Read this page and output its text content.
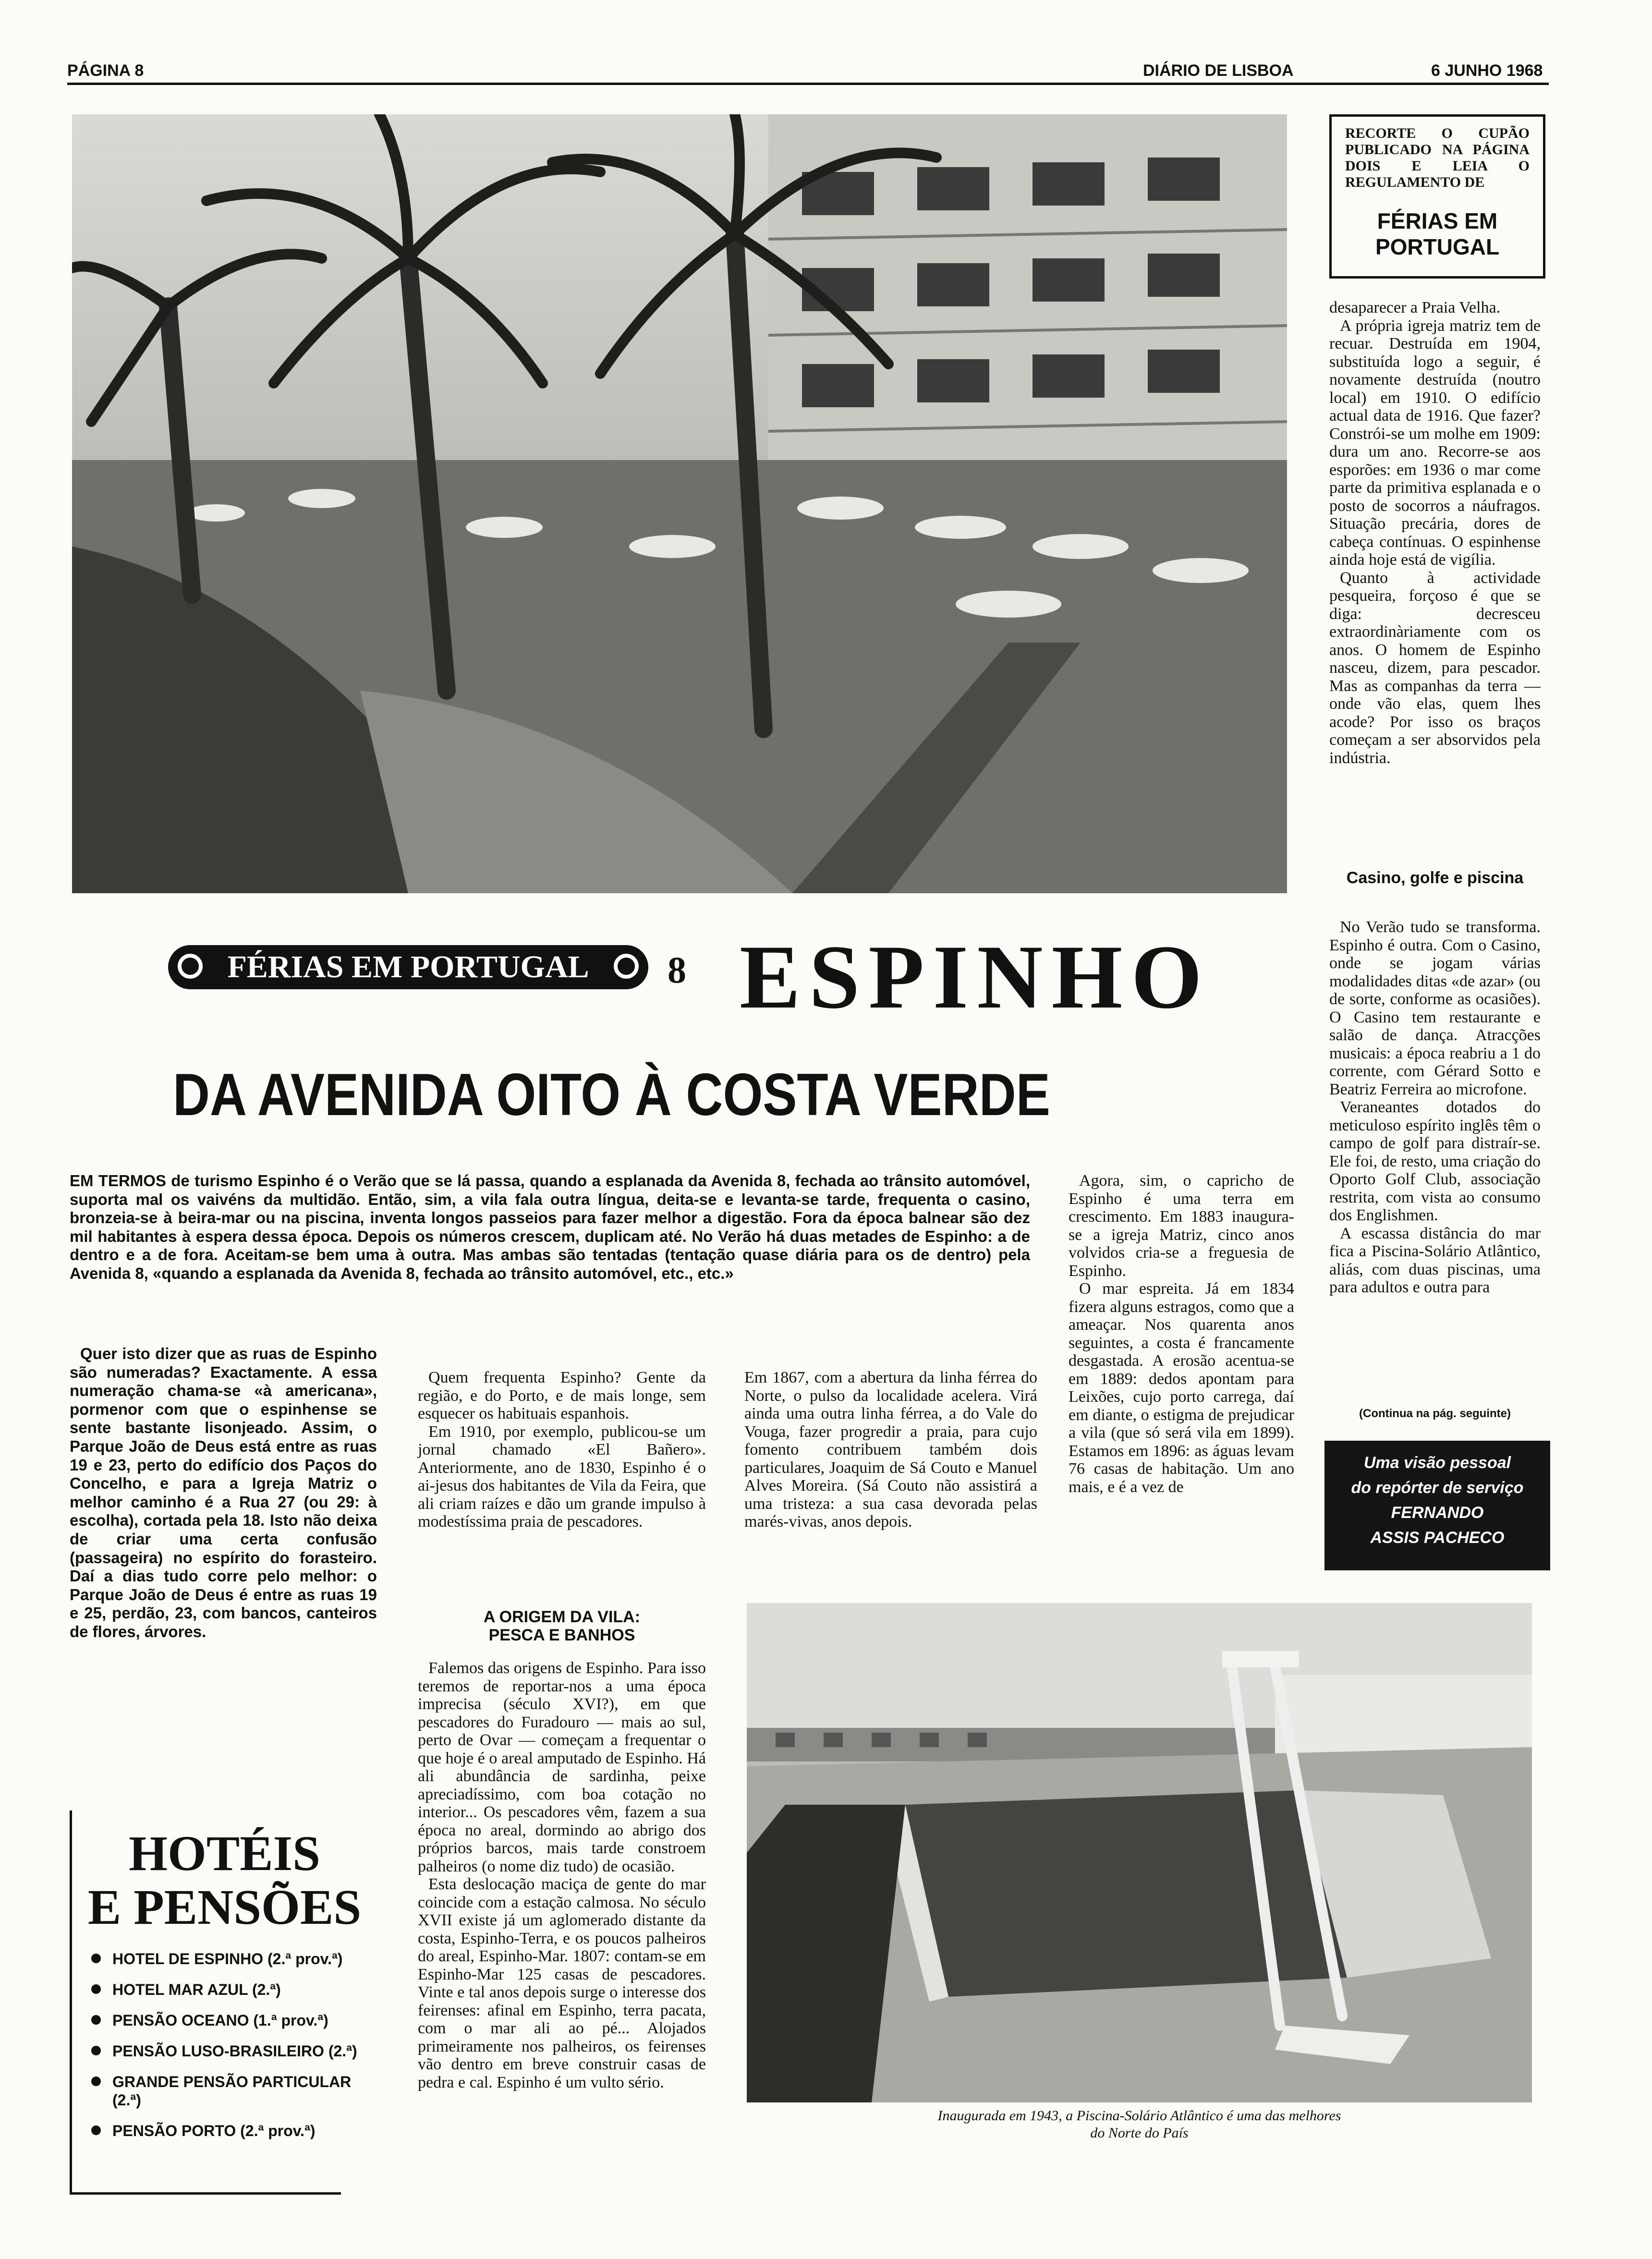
PÁGINA 8	DIÁRIO DE LISBOA	6 JUNHO 1968
RECORTE O CUPÃO PUBLICADO NA PÁGINA DOIS E LEIA O REGULAMENTO DE
FÉRIAS EM PORTUGAL

desaparecer a Praia Velha.

A própria igreja matriz tem de recuar. Destruída em 1904, substituída logo a seguir, é novamente destruída (noutro local) em 1910. O edifício actual data de 1916. Que fazer? Constrói-se um molhe em 1909: dura um ano. Recorre-se aos esporões: em 1936 o mar come parte da primitiva esplanada e o posto de socorros a náufragos. Situação precária, dores de cabeça contínuas. O espinhense ainda hoje está de vigília.

Quanto à actividade pesqueira, forçoso é que se diga: decresceu extraordinàriamente com os anos. O homem de Espinho nasceu, dizem, para pescador. Mas as companhas da terra — onde vão elas, quem lhes acode? Por isso os braços começam a ser absorvidos pela indústria.

Casino, golfe e piscina

No Verão tudo se transforma. Espinho é outra. Com o Casino, onde se jogam várias modalidades ditas «de azar» (ou de sorte, conforme as ocasiões). O Casino tem restaurante e salão de dança. Atracções musicais: a época reabriu a 1 do corrente, com Gérard Sotto e Beatriz Ferreira ao microfone.

Veraneantes dotados do meticuloso espírito inglês têm o campo de golf para distraír-se. Ele foi, de resto, uma criação do Oporto Golf Club, associação restrita, com vista ao consumo dos Englishmen.

A escassa distância do mar fica a Piscina-Solário Atlântico, aliás, com duas piscinas, uma para adultos e outra para

(Continua na pág. seguinte)
Uma visão pessoal
do repórter de serviço
FERNANDO
ASSIS PACHECO
FÉRIAS EM PORTUGAL	8 ESPINHO
DA AVENIDA OITO À COSTA VERDE
EM TERMOS de turismo Espinho é o Verão que se lá passa, quando a esplanada da Avenida 8, fechada ao trânsito automóvel, suporta mal os vaivéns da multidão. Então, sim, a vila fala outra língua, deita-se e levanta-se tarde, frequenta o casino, bronzeia-se à beira-mar ou na piscina, inventa longos passeios para fazer melhor a digestão. Fora da época balnear são dez mil habitantes à espera dessa época. Depois os números crescem, duplicam até. No Verão há duas metades de Espinho: a de dentro e a de fora. Aceitam-se bem uma à outra. Mas ambas são tentadas (tentação quase diária para os de dentro) pela Avenida 8, «quando a esplanada da Avenida 8, fechada ao trânsito automóvel, etc., etc.»
Quer isto dizer que as ruas de Espinho são numeradas? Exactamente. A essa numeração chama-se «à americana», pormenor com que o espinhense se sente bastante lisonjeado. Assim, o Parque João de Deus está entre as ruas 19 e 23, perto do edifício dos Paços do Concelho, e para a Igreja Matriz o melhor caminho é a Rua 27 (ou 29: à escolha), cortada pela 18. Isto não deixa de criar uma certa confusão (passageira) no espírito do forasteiro. Daí a dias tudo corre pelo melhor: o Parque João de Deus é entre as ruas 19 e 25, perdão, 23, com bancos, canteiros de flores, árvores.
HOTÉIS
E PENSÕES
HOTEL DE ESPINHO (2.ª prov.ª)
HOTEL MAR AZUL (2.ª)
PENSÃO OCEANO (1.ª prov.ª)
PENSÃO LUSO-BRASILEIRO (2.ª)
GRANDE PENSÃO PARTICULAR (2.ª)
PENSÃO PORTO (2.ª prov.ª)

Quem frequenta Espinho? Gente da região, e do Porto, e de mais longe, sem esquecer os habituais espanhois.

Em 1910, por exemplo, publicou-se um jornal chamado «El Bañero». Anteriormente, ano de 1830, Espinho é o ai-jesus dos habitantes de Vila da Feira, que ali criam raízes e dão um grande impulso à modestíssima praia de pescadores.

A ORIGEM DA VILA:
PESCA E BANHOS

Falemos das origens de Espinho. Para isso teremos de reportar-nos a uma época imprecisa (século XVI?), em que pescadores do Furadouro — mais ao sul, perto de Ovar — começam a frequentar o que hoje é o areal amputado de Espinho. Há ali abundância de sardinha, peixe apreciadíssimo, com boa cotação no interior... Os pescadores vêm, fazem a sua época no areal, dormindo ao abrigo dos próprios barcos, mais tarde constroem palheiros (o nome diz tudo) de ocasião.

Esta deslocação maciça de gente do mar coincide com a estação calmosa. No século XVII existe já um aglomerado distante da costa, Espinho-Terra, e os poucos palheiros do areal, Espinho-Mar. 1807: contam-se em Espinho-Mar 125 casas de pescadores. Vinte e tal anos depois surge o interesse dos feirenses: afinal em Espinho, terra pacata, com o mar ali ao pé... Alojados primeiramente nos palheiros, os feirenses vão dentro em breve construir casas de pedra e cal. Espinho é um vulto sério.

Em 1867, com a abertura da linha férrea do Norte, o pulso da localidade acelera. Virá ainda uma outra linha férrea, a do Vale do Vouga, fazer progredir a praia, para cujo fomento contribuem também dois particulares, Joaquim de Sá Couto e Manuel Alves Moreira. (Sá Couto não assistirá a uma tristeza: a sua casa devorada pelas marés-vivas, anos depois.

Agora, sim, o capricho de Espinho é uma terra em crescimento. Em 1883 inaugura-se a igreja Matriz, cinco anos volvidos cria-se a freguesia de Espinho.

O mar espreita. Já em 1834 fizera alguns estragos, como que a ameaçar. Nos quarenta anos seguintes, a costa é francamente desgastada. A erosão acentua-se em 1889: dedos apontam para Leixões, cujo porto carrega, daí em diante, o estigma de prejudicar a vila (que só será vila em 1899). Estamos em 1896: as águas levam 76 casas de habitação. Um ano mais, e é a vez de

Inaugurada em 1943, a Piscina-Solário Atlântico é uma das melhores
do Norte do País
